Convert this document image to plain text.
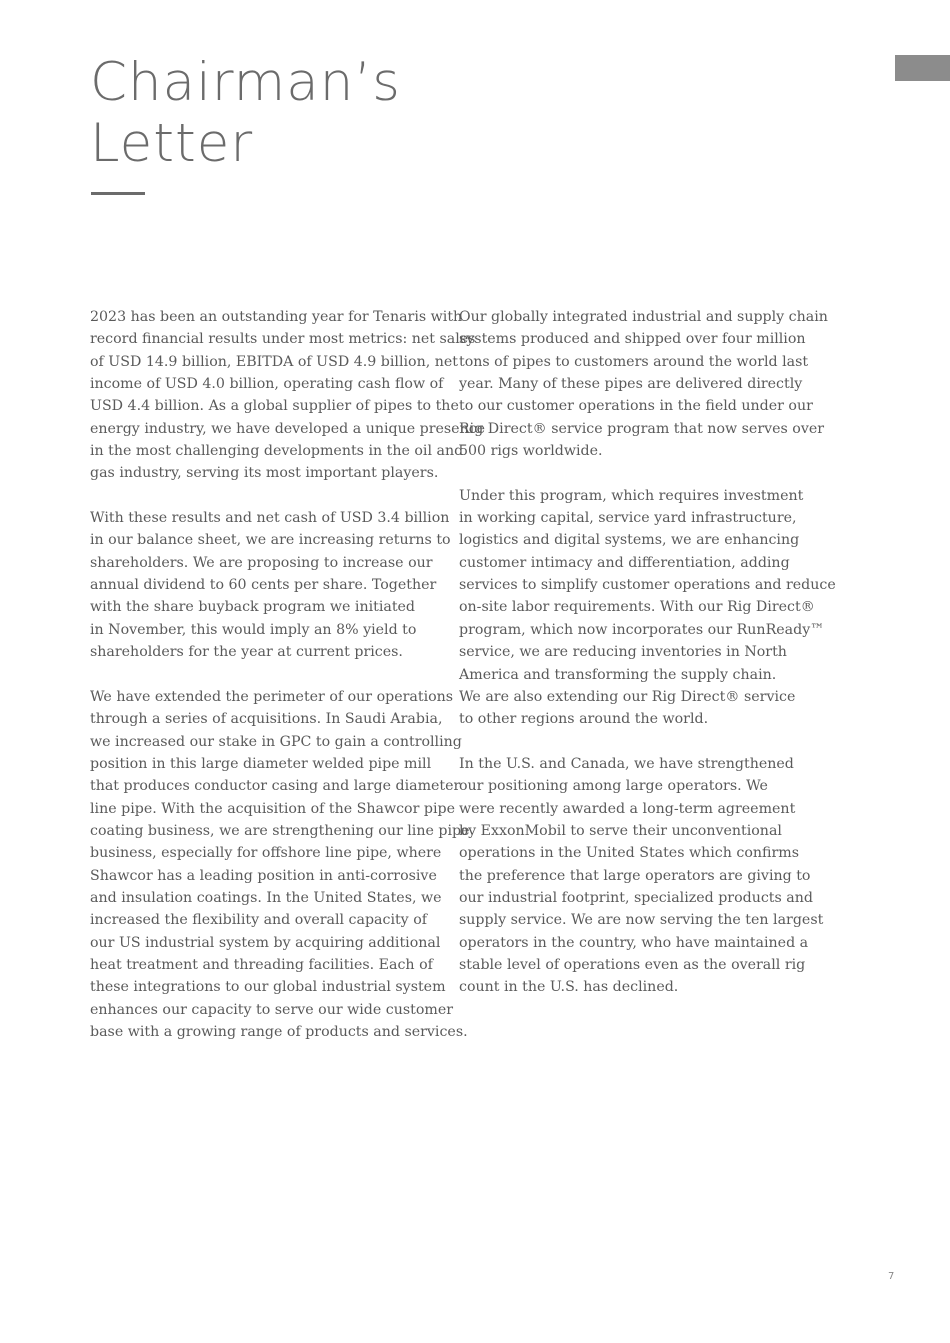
Chairman’s
Letter

2023 has been an outstanding year for Tenaris with
record financial results under most metrics: net sales
of USD 14.9 billion, EBITDA of USD 4.9 billion, net
income of USD 4.0 billion, operating cash flow of
USD 4.4 billion. As a global supplier of pipes to the
energy industry, we have developed a unique presence
in the most challenging developments in the oil and
gas industry, serving its most important players.

With these results and net cash of USD 3.4 billion
in our balance sheet, we are increasing returns to
shareholders. We are proposing to increase our
annual dividend to 60 cents per share. Together
with the share buyback program we initiated
in November, this would imply an 8% yield to
shareholders for the year at current prices.

We have extended the perimeter of our operations
through a series of acquisitions. In Saudi Arabia,
we increased our stake in GPC to gain a controlling
position in this large diameter welded pipe mill
that produces conductor casing and large diameter
line pipe. With the acquisition of the Shawcor pipe
coating business, we are strengthening our line pipe
business, especially for offshore line pipe, where
Shawcor has a leading position in anti-corrosive
and insulation coatings. In the United States, we
increased the flexibility and overall capacity of
our US industrial system by acquiring additional
heat treatment and threading facilities. Each of
these integrations to our global industrial system
enhances our capacity to serve our wide customer
base with a growing range of products and services.

Our globally integrated industrial and supply chain
systems produced and shipped over four million
tons of pipes to customers around the world last
year. Many of these pipes are delivered directly
to our customer operations in the field under our
Rig Direct® service program that now serves over
500 rigs worldwide.

Under this program, which requires investment
in working capital, service yard infrastructure,
logistics and digital systems, we are enhancing
customer intimacy and differentiation, adding
services to simplify customer operations and reduce
on-site labor requirements. With our Rig Direct®
program, which now incorporates our RunReady™
service, we are reducing inventories in North
America and transforming the supply chain.
We are also extending our Rig Direct® service
to other regions around the world.

In the U.S. and Canada, we have strengthened
our positioning among large operators. We
were recently awarded a long-term agreement
by ExxonMobil to serve their unconventional
operations in the United States which confirms
the preference that large operators are giving to
our industrial footprint, specialized products and
supply service. We are now serving the ten largest
operators in the country, who have maintained a
stable level of operations even as the overall rig
count in the U.S. has declined.

7
